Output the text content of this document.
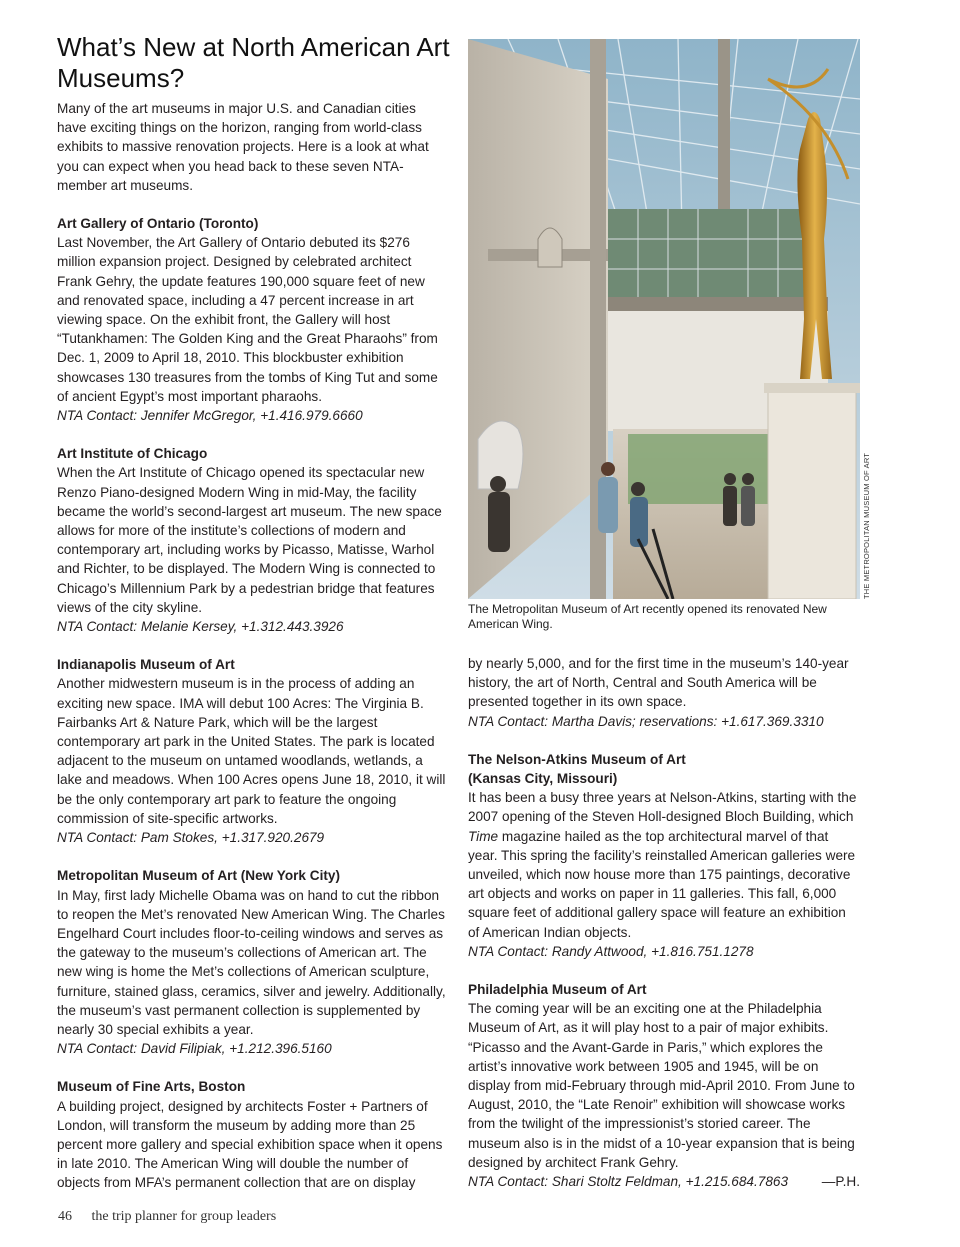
What’s New at North American Art Museums?

Many of the art museums in major U.S. and Canadian cities have exciting things on the horizon, ranging from world-class exhibits to massive renovation projects. Here is a look at what you can expect when you head back to these seven NTA-member art museums.

Art Gallery of Ontario (Toronto)

Last November, the Art Gallery of Ontario debuted its $276 million expansion project. Designed by celebrated architect Frank Gehry, the update features 190,000 square feet of new and renovated space, including a 47 percent increase in art viewing space. On the exhibit front, the Gallery will host “Tutankhamen: The Golden King and the Great Pharaohs” from Dec. 1, 2009 to April 18, 2010. This blockbuster exhibition showcases 130 treasures from the tombs of King Tut and some of ancient Egypt’s most important pharaohs.

NTA Contact: Jennifer McGregor, +1.416.979.6660

Art Institute of Chicago

When the Art Institute of Chicago opened its spectacular new Renzo Piano-designed Modern Wing in mid-May, the facility became the world’s second-largest art museum. The new space allows for more of the institute’s collections of modern and contemporary art, including works by Picasso, Matisse, Warhol and Richter, to be displayed. The Modern Wing is connected to Chicago’s Millennium Park by a pedestrian bridge that features views of the city skyline.

NTA Contact: Melanie Kersey, +1.312.443.3926

Indianapolis Museum of Art

Another midwestern museum is in the process of adding an exciting new space. IMA will debut 100 Acres: The Virginia B. Fairbanks Art & Nature Park, which will be the largest contemporary art park in the United States. The park is located adjacent to the museum on untamed woodlands, wetlands, a lake and meadows. When 100 Acres opens June 18, 2010, it will be the only contemporary art park to feature the ongoing commission of site-specific artworks.

NTA Contact: Pam Stokes, +1.317.920.2679

Metropolitan Museum of Art (New York City)

In May, first lady Michelle Obama was on hand to cut the ribbon to reopen the Met’s renovated New American Wing. The Charles Engelhard Court includes floor-to-ceiling windows and serves as the gateway to the museum’s collections of American art. The new wing is home the Met’s collections of American sculpture, furniture, stained glass, ceramics, silver and jewelry. Additionally, the museum’s vast permanent collection is supplemented by nearly 30 special exhibits a year.

NTA Contact: David Filipiak, +1.212.396.5160

Museum of Fine Arts, Boston

A building project, designed by architects Foster + Partners of London, will transform the museum by adding more than 25 percent more gallery and special exhibition space when it opens in late 2010. The American Wing will double the number of objects from MFA’s permanent collection that are on display

THE METROPOLITAN MUSEUM OF ART

The Metropolitan Museum of Art recently opened its renovated New American Wing.

by nearly 5,000, and for the first time in the museum’s 140-year history, the art of North, Central and South America will be presented together in its own space.

NTA Contact: Martha Davis; reservations: +1.617.369.3310

The Nelson-Atkins Museum of Art

(Kansas City, Missouri)

It has been a busy three years at Nelson-Atkins, starting with the 2007 opening of the Steven Holl-designed Bloch Building, which Time magazine hailed as the top architectural marvel of that year. This spring the facility’s reinstalled American galleries were unveiled, which now house more than 175 paintings, decorative art objects and works on paper in 11 galleries. This fall, 6,000 square feet of additional gallery space will feature an exhibition of American Indian objects.

NTA Contact: Randy Attwood, +1.816.751.1278

Philadelphia Museum of Art

The coming year will be an exciting one at the Philadelphia Museum of Art, as it will play host to a pair of major exhibits. “Picasso and the Avant-Garde in Paris,” which explores the artist’s innovative work between 1905 and 1945, will be on display from mid-February through mid-April 2010. From June to August, 2010, the “Late Renoir” exhibition will showcase works from the twilight of the impressionist’s storied career. The museum also is in the midst of a 10-year expansion that is being designed by architect Frank Gehry.

NTA Contact: Shari Stoltz Feldman, +1.215.684.7863 —P.H.

46 the trip planner for group leaders
